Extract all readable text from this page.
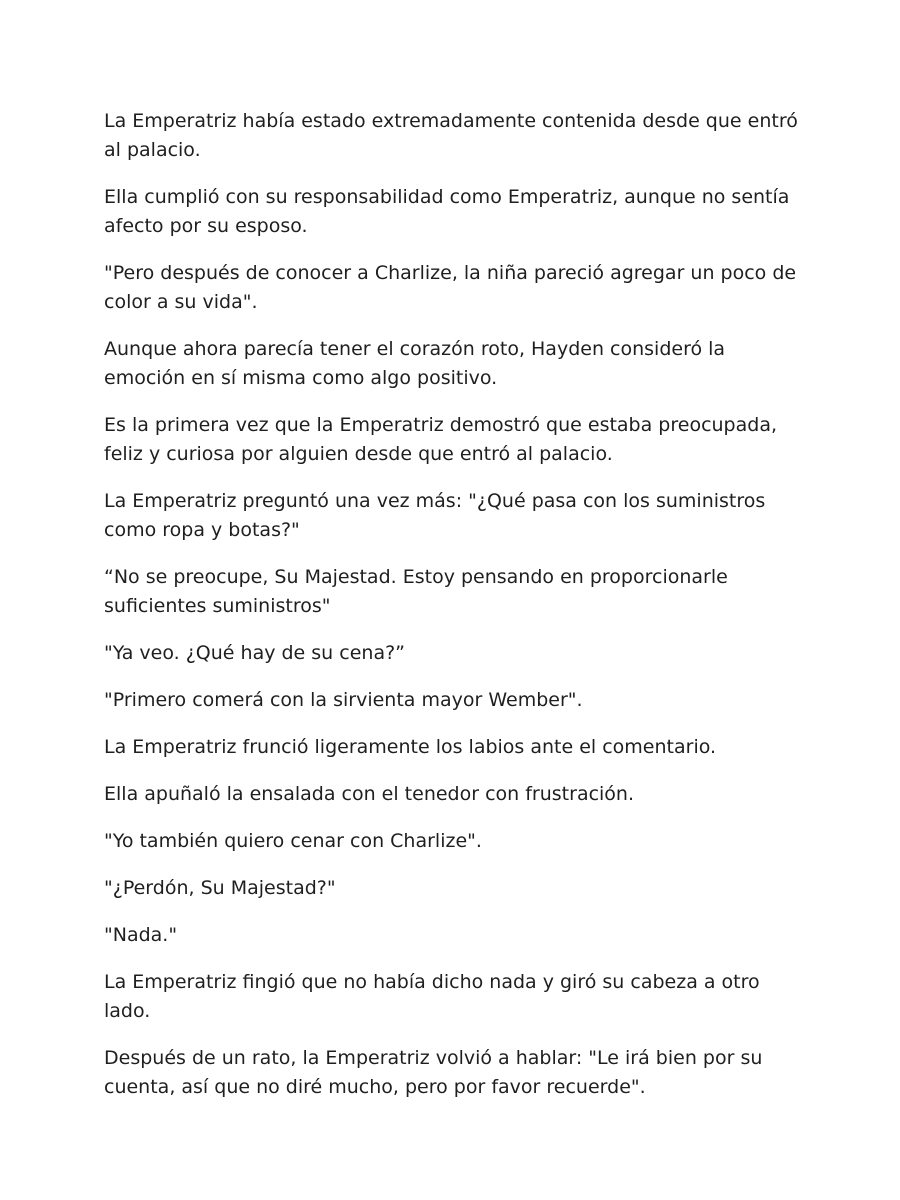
La Emperatriz había estado extremadamente contenida desde que entró al palacio.

Ella cumplió con su responsabilidad como Emperatriz, aunque no sentía afecto por su esposo.

"Pero después de conocer a Charlize, la niña pareció agregar un poco de color a su vida".

Aunque ahora parecía tener el corazón roto, Hayden consideró la emoción en sí misma como algo positivo.

Es la primera vez que la Emperatriz demostró que estaba preocupada, feliz y curiosa por alguien desde que entró al palacio.

La Emperatriz preguntó una vez más: "¿Qué pasa con los suministros como ropa y botas?"

“No se preocupe, Su Majestad. Estoy pensando en proporcionarle suficientes suministros"

"Ya veo. ¿Qué hay de su cena?”

"Primero comerá con la sirvienta mayor Wember".

La Emperatriz frunció ligeramente los labios ante el comentario.

Ella apuñaló la ensalada con el tenedor con frustración.

"Yo también quiero cenar con Charlize".

"¿Perdón, Su Majestad?"

"Nada."

La Emperatriz fingió que no había dicho nada y giró su cabeza a otro lado.

Después de un rato, la Emperatriz volvió a hablar: "Le irá bien por su cuenta, así que no diré mucho, pero por favor recuerde".
